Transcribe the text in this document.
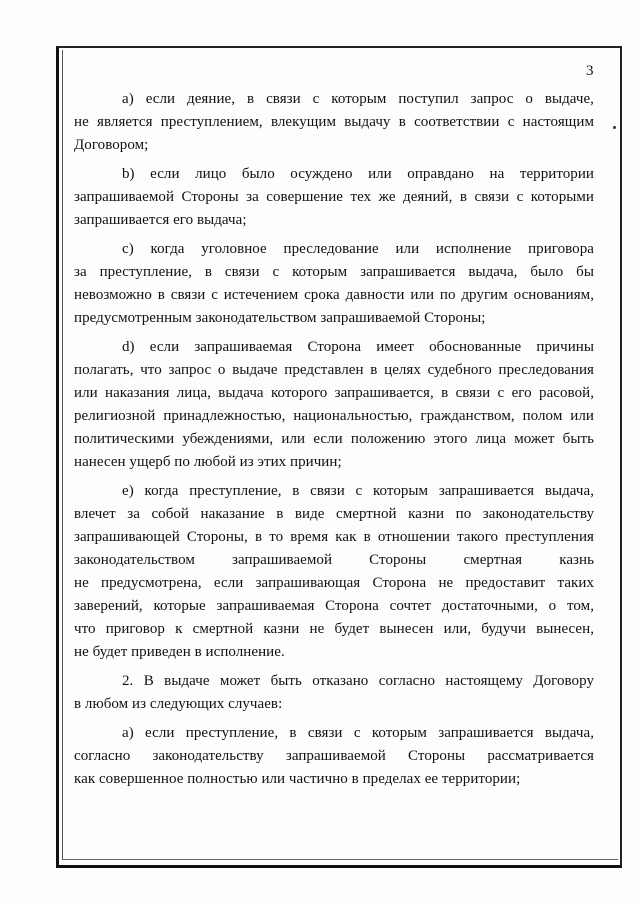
3
а) если деяние, в связи с которым поступил запрос о выдаче,
не является преступлением, влекущим выдачу в соответствии с настоящим
Договором;
b) если лицо было осуждено или оправдано на территории
запрашиваемой Стороны за совершение тех же деяний, в связи с которыми
запрашивается его выдача;
с) когда уголовное преследование или исполнение приговора
за преступление, в связи с которым запрашивается выдача, было бы
невозможно в связи с истечением срока давности или по другим основаниям,
предусмотренным законодательством запрашиваемой Стороны;
d) если запрашиваемая Сторона имеет обоснованные причины
полагать, что запрос о выдаче представлен в целях судебного преследования
или наказания лица, выдача которого запрашивается, в связи с его расовой,
религиозной принадлежностью, национальностью, гражданством, полом или
политическими убеждениями, или если положению этого лица может быть
нанесен ущерб по любой из этих причин;
е) когда преступление, в связи с которым запрашивается выдача,
влечет за собой наказание в виде смертной казни по законодательству
запрашивающей Стороны, в то время как в отношении такого преступления
законодательством запрашиваемой Стороны смертная казнь
не предусмотрена, если запрашивающая Сторона не предоставит таких
заверений, которые запрашиваемая Сторона сочтет достаточными, о том,
что приговор к смертной казни не будет вынесен или, будучи вынесен,
не будет приведен в исполнение.
2. В выдаче может быть отказано согласно настоящему Договору
в любом из следующих случаев:
а) если преступление, в связи с которым запрашивается выдача,
согласно законодательству запрашиваемой Стороны рассматривается
как совершенное полностью или частично в пределах ее территории;
